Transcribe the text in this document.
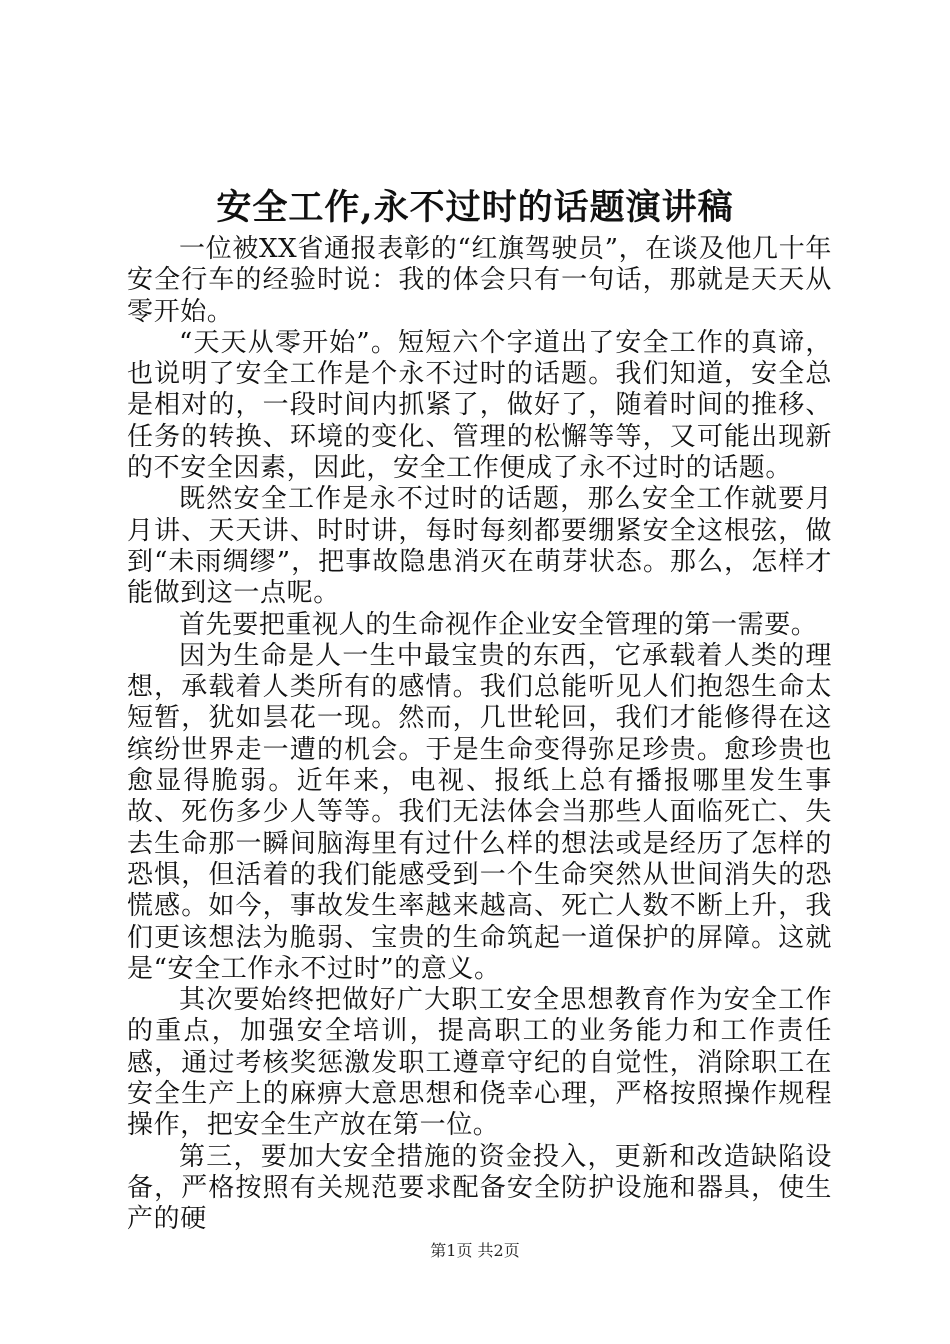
安全工作,永不过时的话题演讲稿

一位被XX省通报表彰的“红旗驾驶员”，在谈及他几十年安全行车的经验时说：我的体会只有一句话，那就是天天从零开始。

“天天从零开始”。短短六个字道出了安全工作的真谛，也说明了安全工作是个永不过时的话题。我们知道，安全总是相对的，一段时间内抓紧了，做好了，随着时间的推移、任务的转换、环境的变化、管理的松懈等等，又可能出现新的不安全因素，因此，安全工作便成了永不过时的话题。

既然安全工作是永不过时的话题，那么安全工作就要月月讲、天天讲、时时讲，每时每刻都要绷紧安全这根弦，做到“未雨绸缪”，把事故隐患消灭在萌芽状态。那么，怎样才能做到这一点呢。

首先要把重视人的生命视作企业安全管理的第一需要。

因为生命是人一生中最宝贵的东西，它承载着人类的理想，承载着人类所有的感情。我们总能听见人们抱怨生命太短暂，犹如昙花一现。然而，几世轮回，我们才能修得在这缤纷世界走一遭的机会。于是生命变得弥足珍贵。愈珍贵也愈显得脆弱。近年来，电视、报纸上总有播报哪里发生事故、死伤多少人等等。我们无法体会当那些人面临死亡、失去生命那一瞬间脑海里有过什么样的想法或是经历了怎样的恐惧，但活着的我们能感受到一个生命突然从世间消失的恐慌感。如今，事故发生率越来越高、死亡人数不断上升，我们更该想法为脆弱、宝贵的生命筑起一道保护的屏障。这就是“安全工作永不过时”的意义。

其次要始终把做好广大职工安全思想教育作为安全工作的重点，加强安全培训，提高职工的业务能力和工作责任感，通过考核奖惩激发职工遵章守纪的自觉性，消除职工在安全生产上的麻痹大意思想和侥幸心理，严格按照操作规程操作，把安全生产放在第一位。

第三，要加大安全措施的资金投入，更新和改造缺陷设备，严格按照有关规范要求配备安全防护设施和器具，使生产的硬

第1页 共2页
